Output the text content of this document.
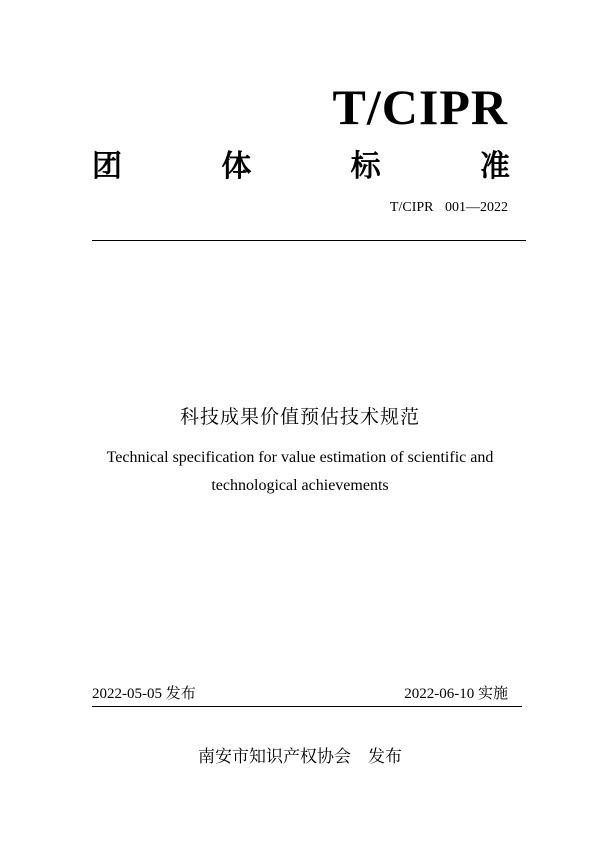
T/CIPR
团	体	标	准
T/CIPR 001—2022
科技成果价值预估技术规范
Technical specification for value estimation of scientific and
technological achievements
2022-05-05 发布	2022-06-10 实施
南安市知识产权协会　发布
